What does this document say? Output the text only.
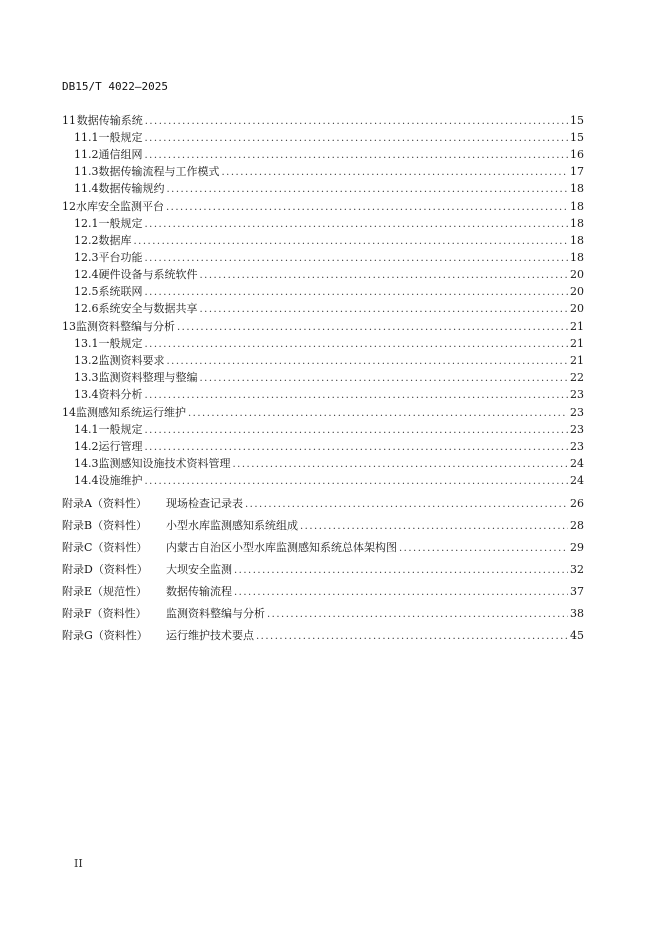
DB15/T 4022—2025
11 数据传输系统 .....	15
11.1 一般规定 .....	15
11.2 通信组网 .....	16
11.3 数据传输流程与工作模式 .....	17
11.4 数据传输规约 .....	18
12 水库安全监测平台 .....	18
12.1 一般规定 .....	18
12.2 数据库 .....	18
12.3 平台功能 .....	18
12.4 硬件设备与系统软件 .....	20
12.5 系统联网 .....	20
12.6 系统安全与数据共享 .....	20
13 监测资料整编与分析 .....	21
13.1 一般规定 .....	21
13.2 监测资料要求 .....	21
13.3 监测资料整理与整编 .....	22
13.4 资料分析 .....	23
14 监测感知系统运行维护 .....	23
14.1 一般规定 .....	23
14.2 运行管理 .....	23
14.3 监测感知设施技术资料管理 .....	24
14.4 设施维护 .....	24
附录A（资料性）	现场检查记录表 .....	26
附录B（资料性）	小型水库监测感知系统组成 .....	28
附录C（资料性）	内蒙古自治区小型水库监测感知系统总体架构图 .....	29
附录D（资料性）	大坝安全监测 .....	32
附录E（规范性）	数据传输流程 .....	37
附录F（资料性）	监测资料整编与分析 .....	38
附录G（资料性）	运行维护技术要点 .....	45
II
